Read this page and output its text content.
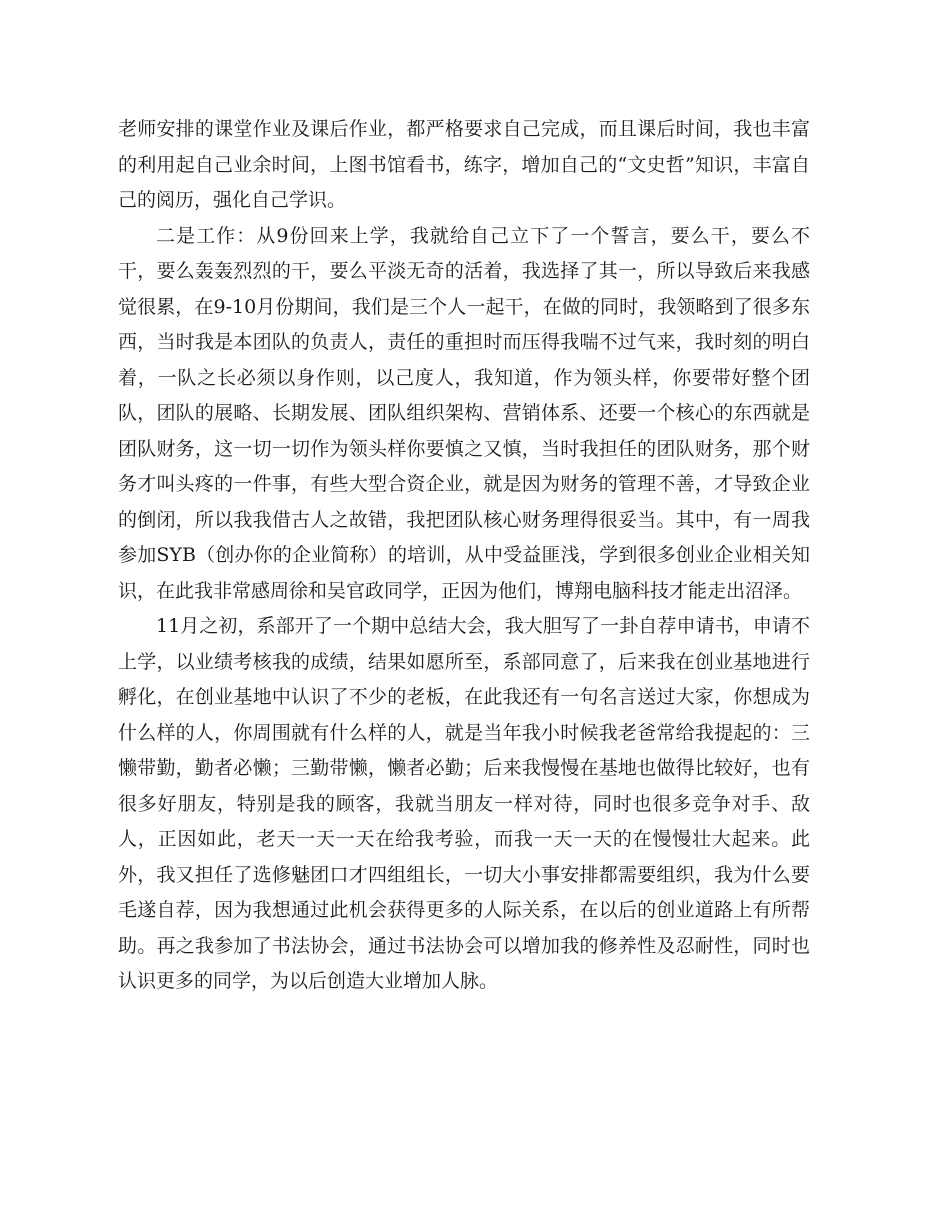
老师安排的课堂作业及课后作业，都严格要求自己完成，而且课后时间，我也丰富的利用起自己业余时间，上图书馆看书，练字，增加自己的“文史哲”知识，丰富自己的阅历，强化自己学识。

二是工作：从9份回来上学，我就给自己立下了一个誓言，要么干，要么不干，要么轰轰烈烈的干，要么平淡无奇的活着，我选择了其一，所以导致后来我感觉很累，在9-10月份期间，我们是三个人一起干，在做的同时，我领略到了很多东西，当时我是本团队的负责人，责任的重担时而压得我喘不过气来，我时刻的明白着，一队之长必须以身作则，以己度人，我知道，作为领头样，你要带好整个团队，团队的展略、长期发展、团队组织架构、营销体系、还要一个核心的东西就是团队财务，这一切一切作为领头样你要慎之又慎，当时我担任的团队财务，那个财务才叫头疼的一件事，有些大型合资企业，就是因为财务的管理不善，才导致企业的倒闭，所以我我借古人之故错，我把团队核心财务理得很妥当。其中，有一周我参加SYB（创办你的企业简称）的培训，从中受益匪浅，学到很多创业企业相关知识，在此我非常感周徐和吴官政同学，正因为他们，博翔电脑科技才能走出沼泽。

11月之初，系部开了一个期中总结大会，我大胆写了一卦自荐申请书，申请不上学，以业绩考核我的成绩，结果如愿所至，系部同意了，后来我在创业基地进行孵化，在创业基地中认识了不少的老板，在此我还有一句名言送过大家，你想成为什么样的人，你周围就有什么样的人，就是当年我小时候我老爸常给我提起的：三懒带勤，勤者必懒；三勤带懒，懒者必勤；后来我慢慢在基地也做得比较好，也有很多好朋友，特别是我的顾客，我就当朋友一样对待，同时也很多竞争对手、敌人，正因如此，老天一天一天在给我考验，而我一天一天的在慢慢壮大起来。此外，我又担任了选修魅团口才四组组长，一切大小事安排都需要组织，我为什么要毛遂自荐，因为我想通过此机会获得更多的人际关系，在以后的创业道路上有所帮助。再之我参加了书法协会，通过书法协会可以增加我的修养性及忍耐性，同时也认识更多的同学，为以后创造大业增加人脉。
